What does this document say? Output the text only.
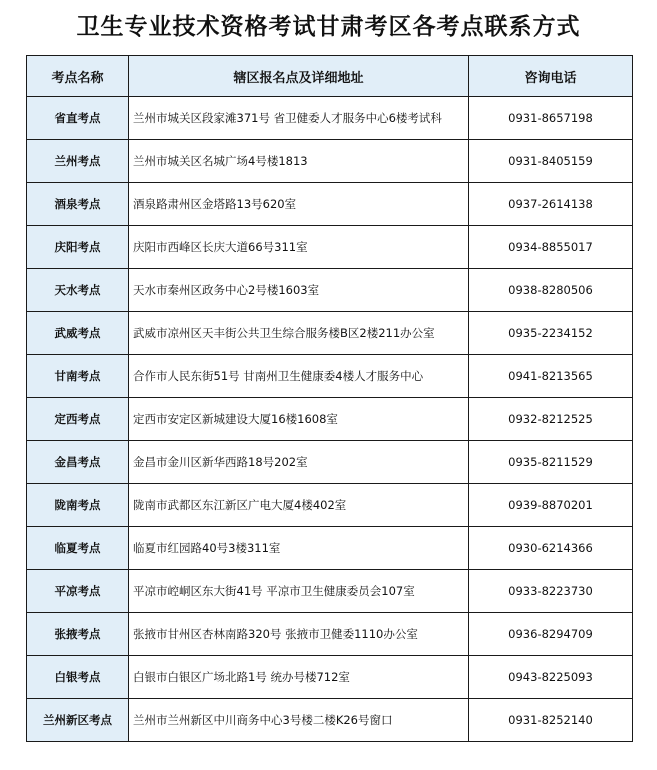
卫生专业技术资格考试甘肃考区各考点联系方式
考点名称	辖区报名点及详细地址	咨询电话
省直考点	兰州市城关区段家滩371号 省卫健委人才服务中心6楼考试科	0931-8657198
兰州考点	兰州市城关区名城广场4号楼1813	0931-8405159
酒泉考点	酒泉路肃州区金塔路13号620室	0937-2614138
庆阳考点	庆阳市西峰区长庆大道66号311室	0934-8855017
天水考点	天水市秦州区政务中心2号楼1603室	0938-8280506
武威考点	武威市凉州区天丰街公共卫生综合服务楼B区2楼211办公室	0935-2234152
甘南考点	合作市人民东街51号 甘南州卫生健康委4楼人才服务中心	0941-8213565
定西考点	定西市安定区新城建设大厦16楼1608室	0932-8212525
金昌考点	金昌市金川区新华西路18号202室	0935-8211529
陇南考点	陇南市武都区东江新区广电大厦4楼402室	0939-8870201
临夏考点	临夏市红园路40号3楼311室	0930-6214366
平凉考点	平凉市崆峒区东大街41号 平凉市卫生健康委员会107室	0933-8223730
张掖考点	张掖市甘州区杏林南路320号 张掖市卫健委1110办公室	0936-8294709
白银考点	白银市白银区广场北路1号 统办号楼712室	0943-8225093
兰州新区考点	兰州市兰州新区中川商务中心3号楼二楼K26号窗口	0931-8252140
